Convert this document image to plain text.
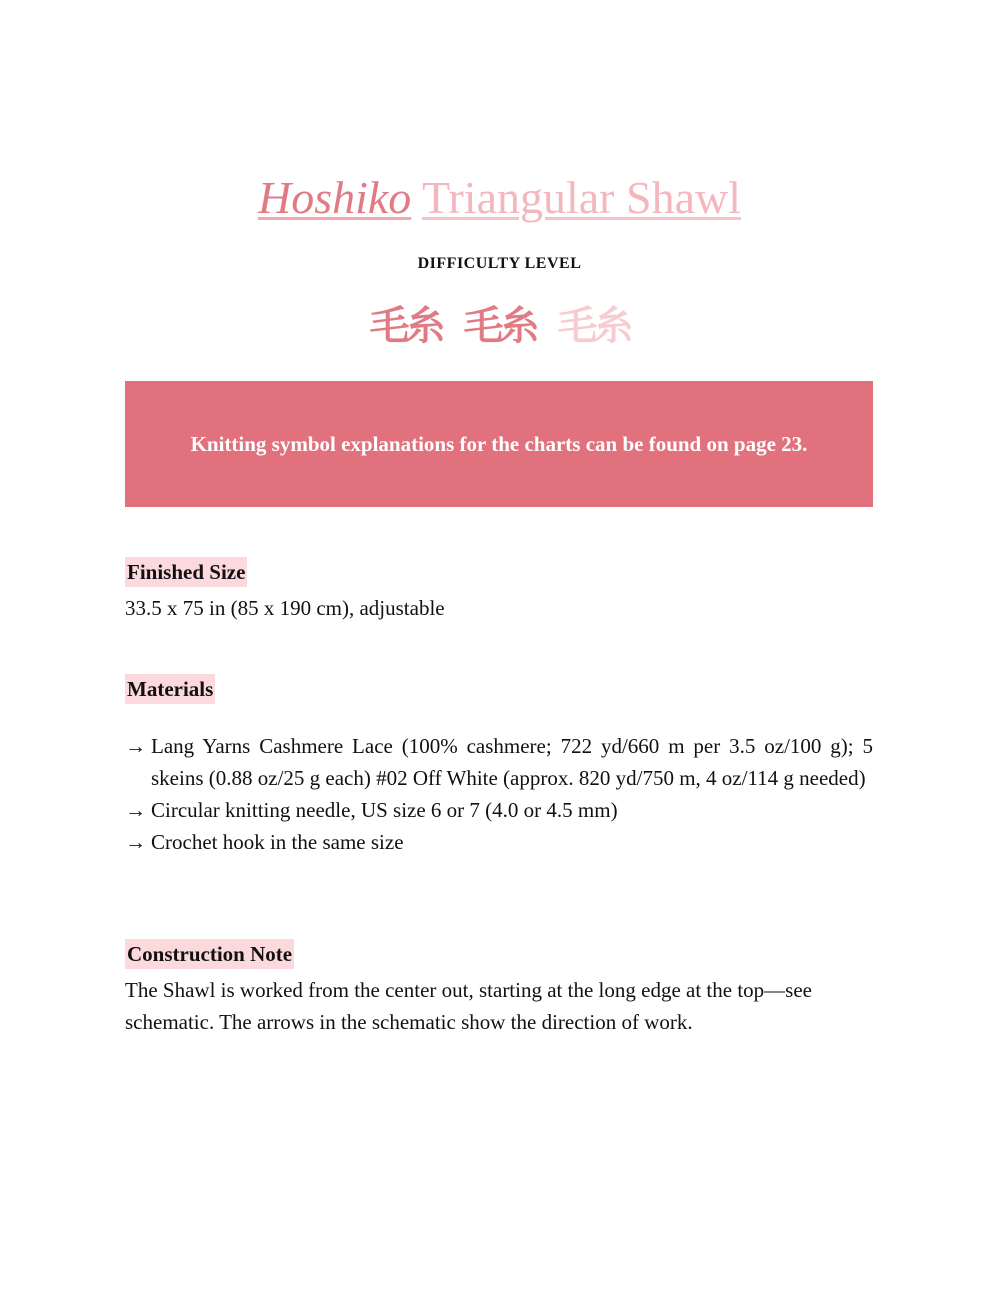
Hoshiko Triangular Shawl
DIFFICULTY LEVEL
毛糸 毛糸 毛糸
Knitting symbol explanations for the charts can be found on page 23.
Finished Size
33.5 x 75 in (85 x 190 cm), adjustable
Materials
→ Lang Yarns Cashmere Lace (100% cashmere; 722 yd/660 m per 3.5 oz/100 g); 5 skeins (0.88 oz/25 g each) #02 Off White (approx. 820 yd/750 m, 4 oz/114 g needed)
→ Circular knitting needle, US size 6 or 7 (4.0 or 4.5 mm)
→ Crochet hook in the same size
Construction Note
The Shawl is worked from the center out, starting at the long edge at the top—see schematic. The arrows in the schematic show the direction of work.
